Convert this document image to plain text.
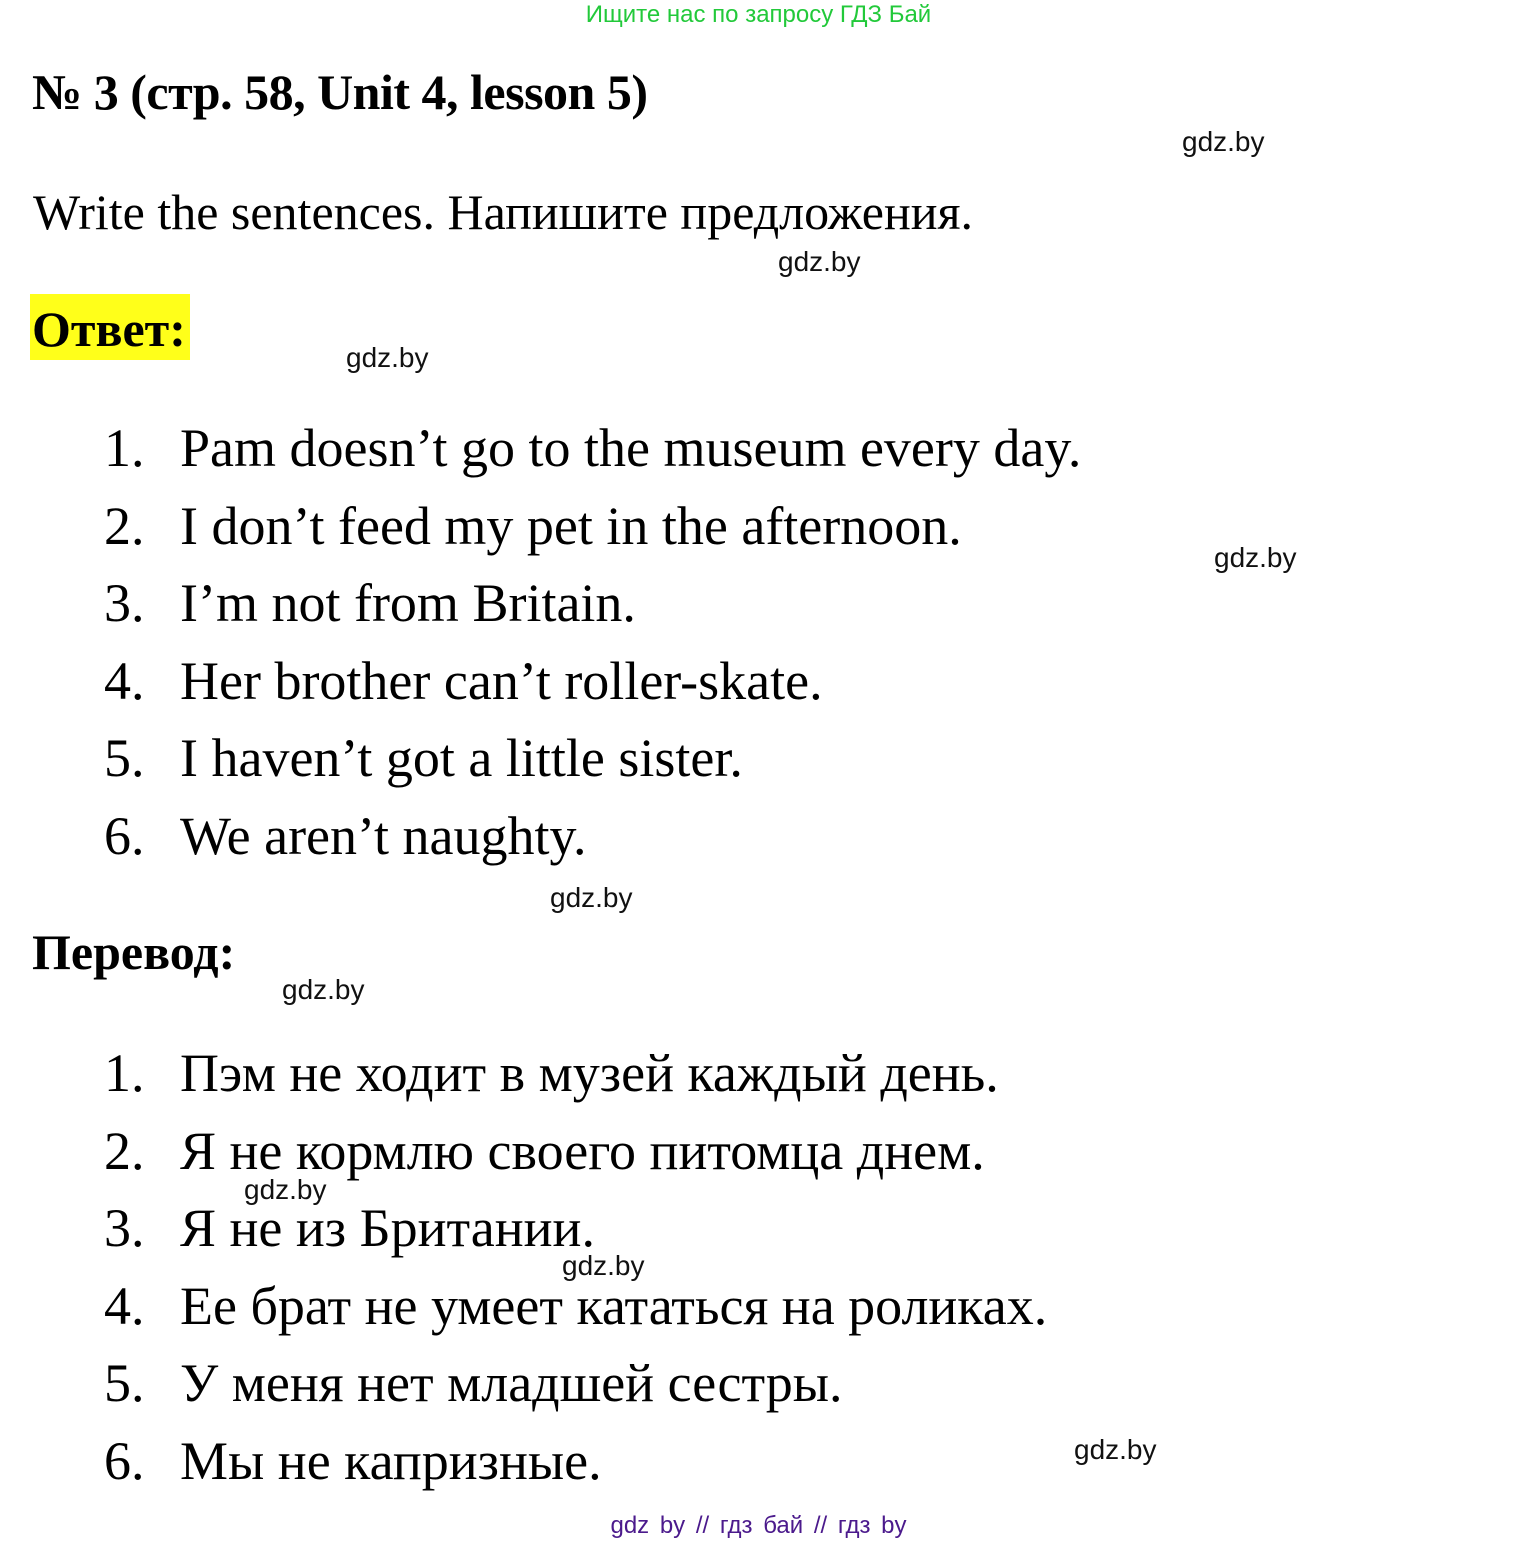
Ищите нас по запросу ГДЗ Бай
№ 3 (стр. 58, Unit 4, lesson 5)
gdz.by
Write the sentences. Напишите предложения.
gdz.by
Ответ:
gdz.by
1. Pam doesn’t go to the museum every day.
2. I don’t feed my pet in the afternoon.
3. I’m not from Britain.
4. Her brother can’t roller-skate.
5. I haven’t got a little sister.
6. We aren’t naughty.
gdz.by
gdz.by
Перевод:
gdz.by
1. Пэм не ходит в музей каждый день.
2. Я не кормлю своего питомца днем.
3. Я не из Британии.
4. Ее брат не умеет кататься на роликах.
5. У меня нет младшей сестры.
6. Мы не капризные.
gdz.by
gdz.by
gdz.by
gdz by // гдз бай // гдз by
